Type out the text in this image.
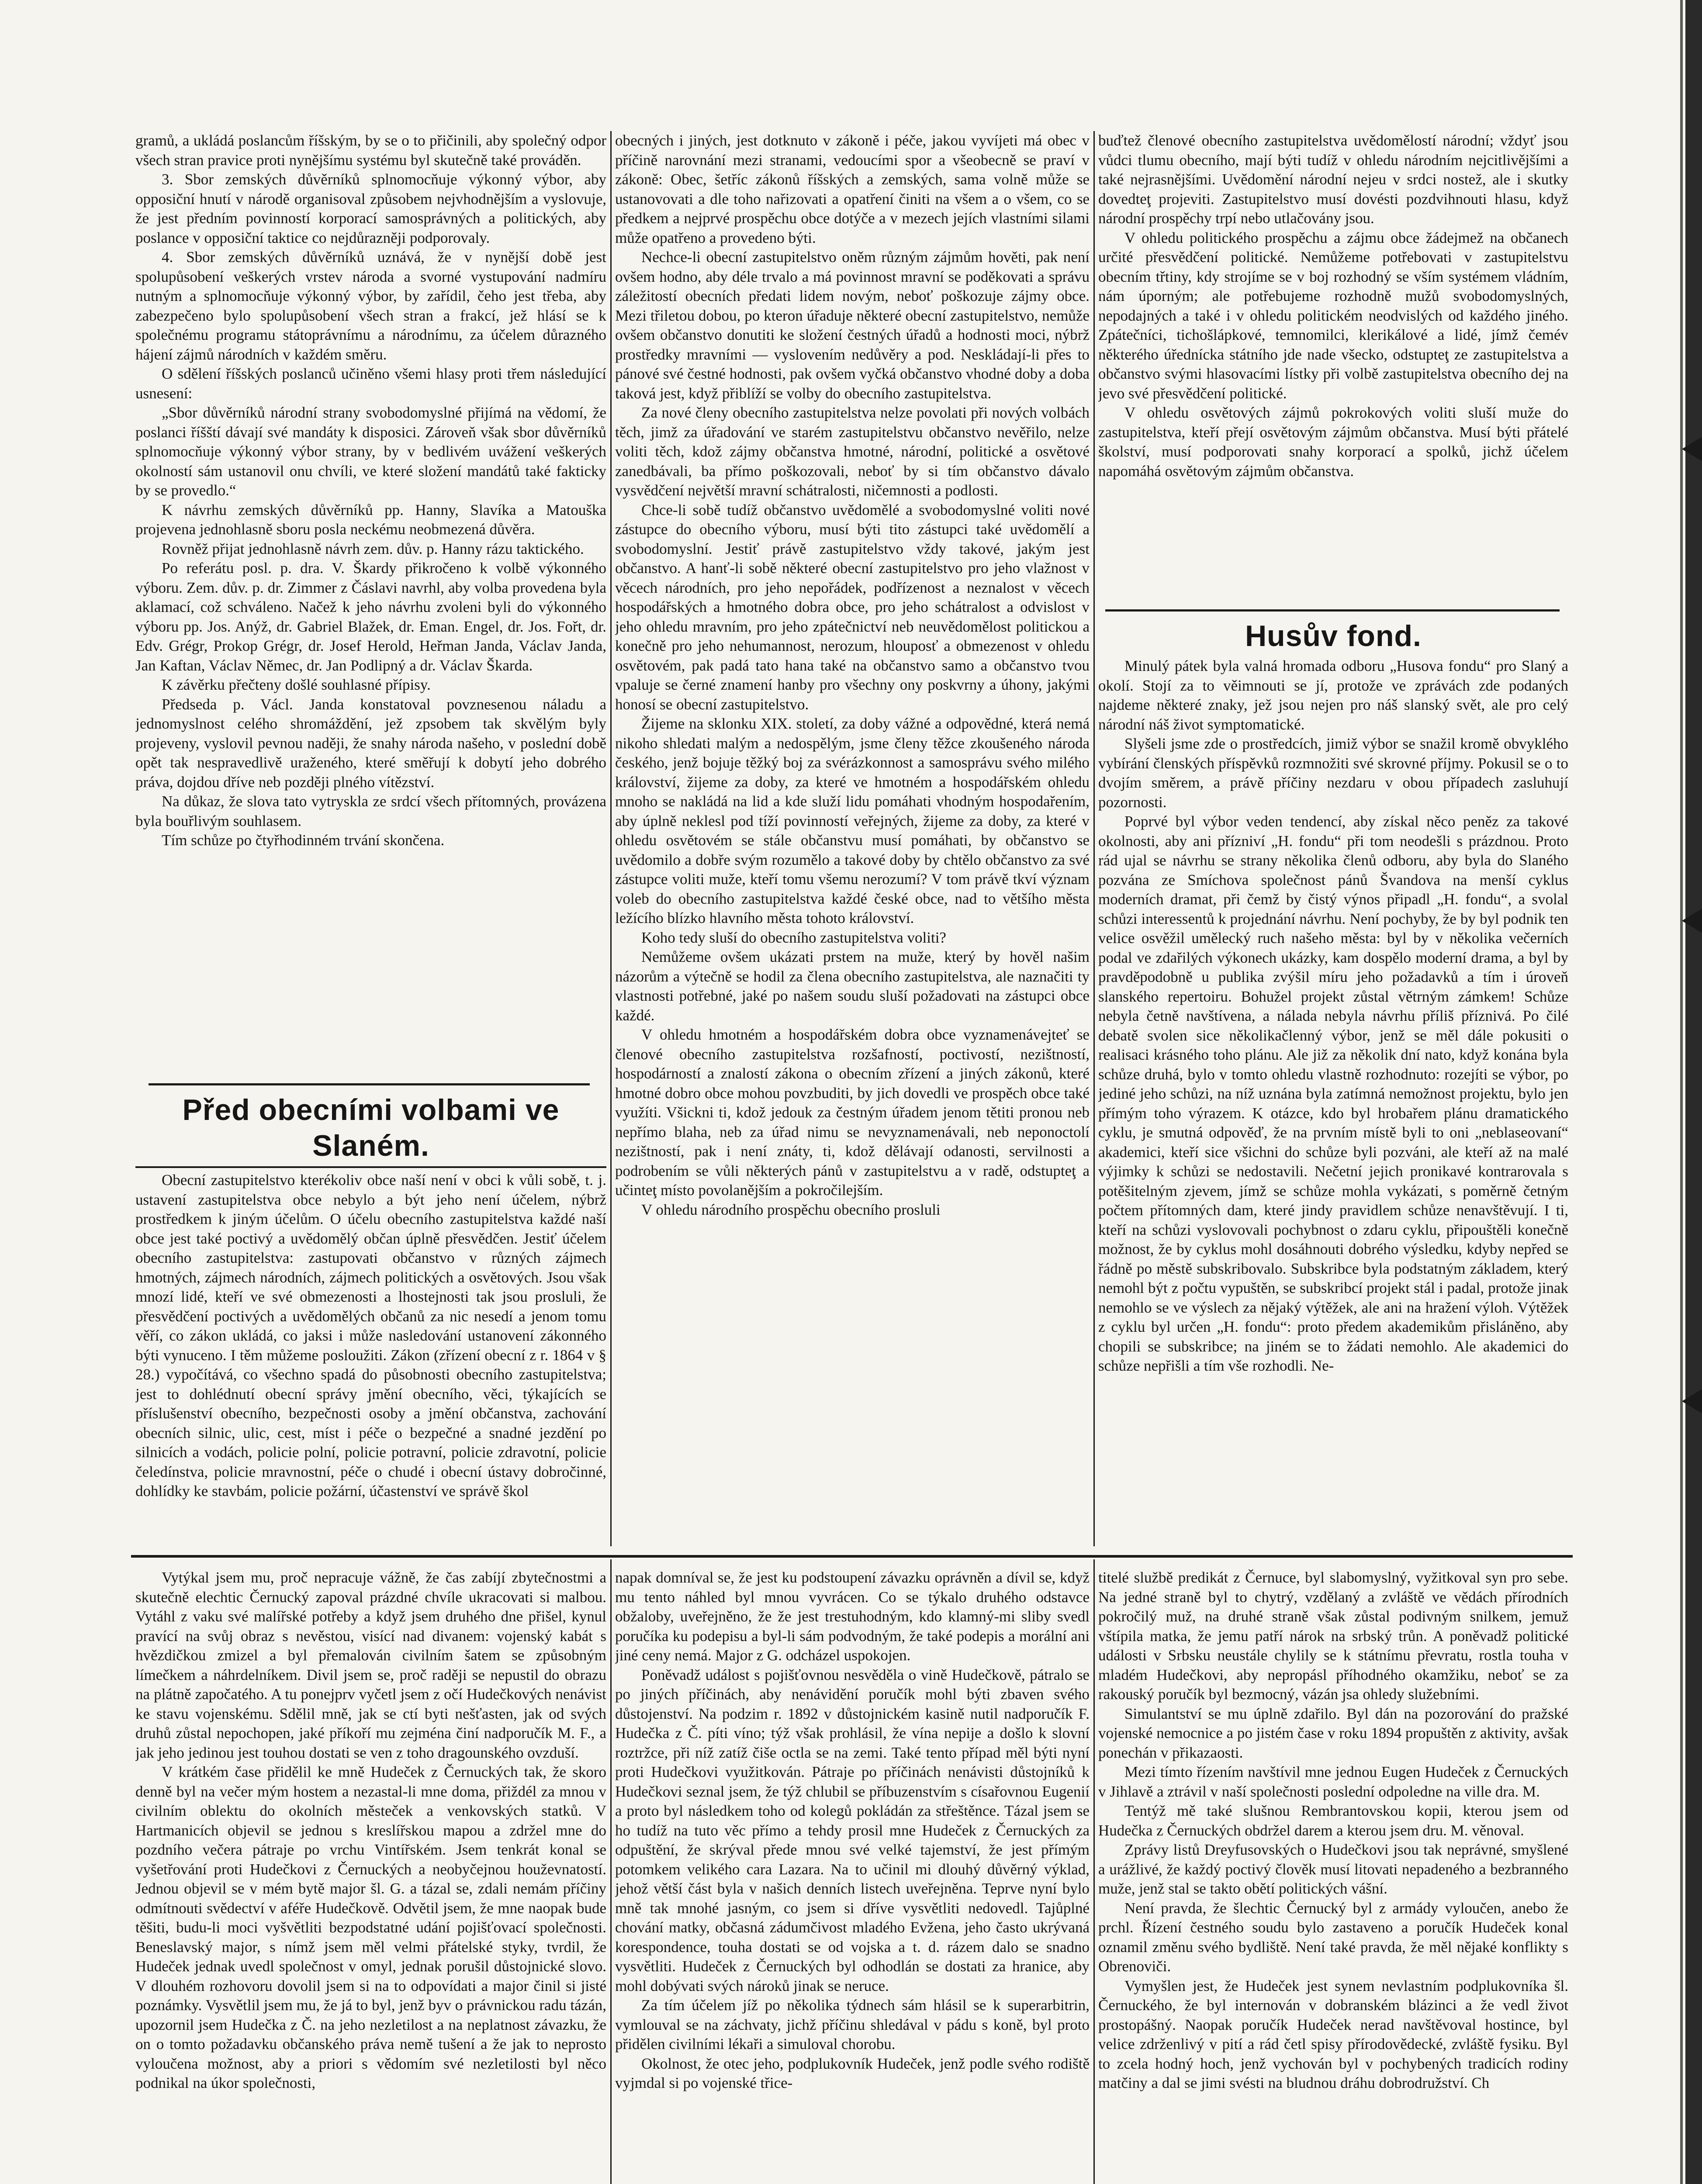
gramů, a ukládá poslancům říšským, by se o to přičinili, aby společný odpor všech stran pravice proti nynějšímu systému byl skutečně také prováděn.

3. Sbor zemských důvěrníků splnomocňuje výkonný výbor, aby opposiční hnutí v národě organisoval způsobem nejvhodnějším a vyslovuje, že jest předním povinností korporací samosprávných a politických, aby poslance v opposiční taktice co nejdůrazněji podporovaly.

4. Sbor zemských důvěrníků uznává, že v nynější době jest spolupůsobení veškerých vrstev národa a svorné vystupování nadmíru nutným a splnomocňuje výkonný výbor, by zařídil, čeho jest třeba, aby zabezpečeno bylo spolupůsobení všech stran a frakcí, jež hlásí se k společnému programu státoprávnímu a národnímu, za účelem důrazného hájení zájmů národních v každém směru.

O sdělení říšských poslanců učiněno všemi hlasy proti třem následující usnesení:

„Sbor důvěrníků národní strany svobodomyslné přijímá na vědomí, že poslanci říšští dávají své mandáty k disposici. Zároveň však sbor důvěrníků splnomocňuje výkonný výbor strany, by v bedlivém uvážení veškerých okolností sám ustanovil onu chvíli, ve které složení mandátů také fakticky by se provedlo.“

K návrhu zemských důvěrníků pp. Hanny, Slavíka a Matouška projevena jednohlasně sboru posla neckému neobmezená důvěra.

Rovněž přijat jednohlasně návrh zem. dův. p. Hanny rázu taktického.

Po referátu posl. p. dra. V. Škardy přikročeno k volbě výkonného výboru. Zem. dův. p. dr. Zimmer z Čáslavi navrhl, aby volba provedena byla aklamací, což schváleno. Načež k jeho návrhu zvoleni byli do výkonného výboru pp. Jos. Anýž, dr. Gabriel Blažek, dr. Eman. Engel, dr. Jos. Fořt, dr. Edv. Grégr, Prokop Grégr, dr. Josef Herold, Heřman Janda, Václav Janda, Jan Kaftan, Václav Němec, dr. Jan Podlipný a dr. Václav Škarda.

K závěrku přečteny došlé souhlasné přípisy.

Předseda p. Václ. Janda konstatoval povznesenou náladu a jednomyslnost celého shromáždění, jež zpsobem tak skvělým byly projeveny, vyslovil pevnou naději, že snahy národa našeho, v poslední době opět tak nespravedlivě uraženého, které směřují k dobytí jeho dobrého práva, dojdou dříve neb později plného vítězství.

Na důkaz, že slova tato vytryskla ze srdcí všech přítomných, provázena byla bouřlivým souhlasem.

Tím schůze po čtyřhodinném trvání skončena.

Před obecními volbami ve Slaném.

Obecní zastupitelstvo kterékoliv obce naší není v obci k vůli sobě, t. j. ustavení zastupitelstva obce nebylo a být jeho není účelem, nýbrž prostředkem k jiným účelům. O účelu obecního zastupitelstva každé naší obce jest také poctivý a uvědomělý občan úplně přesvědčen. Jestiť účelem obecního zastupitelstva: zastupovati občanstvo v různých zájmech hmotných, zájmech národních, zájmech politických a osvětových. Jsou však mnozí lidé, kteří ve své obmezenosti a lhostejnosti tak jsou prosluli, že přesvědčení poctivých a uvědomělých občanů za nic nesedí a jenom tomu věří, co zákon ukládá, co jaksi i může nasledování ustanovení zákonného býti vynuceno. I těm můžeme posloužiti. Zákon (zřízení obecní z r. 1864 v § 28.) vypočítává, co všechno spadá do působnosti obecního zastupitelstva; jest to dohlédnutí obecní správy jmění obecního, věci, týkajících se příslušenství obecního, bezpečnosti osoby a jmění občanstva, zachování obecních silnic, ulic, cest, míst i péče o bezpečné a snadné jezdění po silnicích a vodách, policie polní, policie potravní, policie zdravotní, policie čeledínstva, policie mravnostní, péče o chudé i obecní ústavy dobročinné, dohlídky ke stavbám, policie požární, účastenství ve správě škol

obecných i jiných, jest dotknuto v zákoně i péče, jakou vyvíjeti má obec v příčině narovnání mezi stranami, vedoucími spor a všeobecně se praví v zákoně: Obec, šetříc zákonů říšských a zemských, sama volně může se ustanovovati a dle toho nařizovati a opatření činiti na všem a o všem, co se předkem a nejprvé prospěchu obce dotýče a v mezech jejích vlastními silami může opatřeno a provedeno býti.

Nechce-li obecní zastupitelstvo oněm různým zájmům hověti, pak není ovšem hodno, aby déle trvalo a má povinnost mravní se poděkovati a správu záležitostí obecních předati lidem novým, neboť poškozuje zájmy obce. Mezi třiletou dobou, po kteron úřaduje některé obecní zastupitelstvo, nemůže ovšem občanstvo donutiti ke složení čestných úřadů a hodnosti moci, nýbrž prostředky mravními — vyslovením nedůvěry a pod. Neskládají-li přes to pánové své čestné hodnosti, pak ovšem vyčká občanstvo vhodné doby a doba taková jest, když přiblíží se volby do obecního zastupitelstva.

Za nové členy obecního zastupitelstva nelze povolati při nových volbách těch, jimž za úřadování ve starém zastupitelstvu občanstvo nevěřilo, nelze voliti těch, kdož zájmy občanstva hmotné, národní, politické a osvětové zanedbávali, ba přímo poškozovali, neboť by si tím občanstvo dávalo vysvědčení největší mravní schátralosti, ničemnosti a podlosti.

Chce-li sobě tudíž občanstvo uvědomělé a svobodomyslné voliti nové zástupce do obecního výboru, musí býti tito zástupci také uvědomělí a svobodomyslní. Jestiť právě zastupitelstvo vždy takové, jakým jest občanstvo. A hanť-li sobě některé obecní zastupitelstvo pro jeho vlažnost v věcech národních, pro jeho nepořádek, podřízenost a neznalost v věcech hospodářských a hmotného dobra obce, pro jeho schátralost a odvislost v jeho ohledu mravním, pro jeho zpátečnictví neb neuvědomělost politickou a konečně pro jeho nehumannost, nerozum, hlouposť a obmezenost v ohledu osvětovém, pak padá tato hana také na občanstvo samo a občanstvo tvou vpaluje se černé znamení hanby pro všechny ony poskvrny a úhony, jakými honosí se obecní zastupitelstvo.

Žijeme na sklonku XIX. století, za doby vážné a odpovědné, která nemá nikoho shledati malým a nedospělým, jsme členy těžce zkoušeného národa českého, jenž bojuje těžký boj za svérázkonnost a samosprávu svého milého království, žijeme za doby, za které ve hmotném a hospodářském ohledu mnoho se nakládá na lid a kde služí lidu pomáhati vhodným hospodařením, aby úplně neklesl pod tíží povinností veřejných, žijeme za doby, za které v ohledu osvětovém se stále občanstvu musí pomáhati, by občanstvo se uvědomilo a dobře svým rozumělo a takové doby by chtělo občanstvo za své zástupce voliti muže, kteří tomu všemu nerozumí? V tom právě tkví význam voleb do obecního zastupitelstva každé české obce, nad to většího města ležícího blízko hlavního města tohoto království.

Koho tedy sluší do obecního zastupitelstva voliti?

Nemůžeme ovšem ukázati prstem na muže, který by hověl našim názorům a výtečně se hodil za člena obecního zastupitelstva, ale naznačiti ty vlastnosti potřebné, jaké po našem soudu sluší požadovati na zástupci obce každé.

V ohledu hmotném a hospodářském dobra obce vyznamenávejteť se členové obecního zastupitelstva rozšafností, poctivostí, nezištností, hospodárností a znalostí zákona o obecním zřízení a jiných zákonů, které hmotné dobro obce mohou povzbuditi, by jich dovedli ve prospěch obce také využíti. Všickni ti, kdož jedouk za čestným úřadem jenom tětiti pronou neb nepřímo blaha, neb za úřad nimu se nevyznamenávali, neb neponoctolí nezištností, pak i není znáty, ti, kdož dělávají odanosti, servilnosti a podrobením se vůli některých pánů v zastupitelstvu a v radě, odstupteţ a učinteţ místo povolanějším a pokročilejším.

V ohledu národního prospěchu obecního prosluli

buďtež členové obecního zastupitelstva uvědomělostí národní; vždyť jsou vůdci tlumu obecního, mají býti tudíž v ohledu národním nejcitlivějšími a také nejrasnějšími. Uvědomění národní nejeu v srdci nostež, ale i skutky dovedteţ projeviti. Zastupitelstvo musí dovésti pozdvihnouti hlasu, když národní prospěchy trpí nebo utlačovány jsou.

V ohledu politického prospěchu a zájmu obce žádejmež na občanech určité přesvědčení politické. Nemůžeme potřebovati v zastupitelstvu obecním třtiny, kdy strojíme se v boj rozhodný se vším systémem vládním, nám úporným; ale potřebujeme rozhodně mužů svobodomyslných, nepodajných a také i v ohledu politickém neodvislých od každého jiného. Zpátečníci, tichošlápkové, temnomilci, klerikálové a lidé, jímž čemév některého úřednícka státního jde nade všecko, odstupteţ ze zastupitelstva a občanstvo svými hlasovacími lístky při volbě zastupitelstva obecního dej na jevo své přesvědčení politické.

V ohledu osvětových zájmů pokrokových voliti sluší muže do zastupitelstva, kteří přejí osvětovým zájmům občanstva. Musí býti přátelé školství, musí podporovati snahy korporací a spolků, jichž účelem napomáhá osvětovým zájmům občanstva.

Husův fond.

Minulý pátek byla valná hromada odboru „Husova fondu“ pro Slaný a okolí. Stojí za to věimnouti se jí, protože ve zprávách zde podaných najdeme některé znaky, jež jsou nejen pro náš slanský svět, ale pro celý národní náš život symptomatické.

Slyšeli jsme zde o prostředcích, jimiž výbor se snažil kromě obvyklého vybírání členských příspěvků rozmnožiti své skrovné příjmy. Pokusil se o to dvojím směrem, a právě příčiny nezdaru v obou případech zasluhují pozornosti.

Poprvé byl výbor veden tendencí, aby získal něco peněz za takové okolnosti, aby ani přízniví „H. fondu“ při tom neodešli s prázdnou. Proto rád ujal se návrhu se strany několika členů odboru, aby byla do Slaného pozvána ze Smíchova společnost pánů Švandova na menší cyklus moderních dramat, při čemž by čistý výnos připadl „H. fondu“, a svolal schůzi interessentů k projednání návrhu. Není pochyby, že by byl podnik ten velice osvěžil umělecký ruch našeho města: byl by v několika večerních podal ve zdařilých výkonech ukázky, kam dospělo moderní drama, a byl by pravděpodobně u publika zvýšil míru jeho požadavků a tím i úroveň slanského repertoiru. Bohužel projekt zůstal větrným zámkem! Schůze nebyla četně navštívena, a nálada nebyla návrhu příliš příznivá. Po čilé debatě svolen sice několikačlenný výbor, jenž se měl dále pokusiti o realisaci krásného toho plánu. Ale již za několik dní nato, když konána byla schůze druhá, bylo v tomto ohledu vlastně rozhodnuto: rozejíti se výbor, po jediné jeho schůzi, na níž uznána byla zatímná nemožnost projektu, bylo jen přímým toho výrazem. K otázce, kdo byl hrobařem plánu dramatického cyklu, je smutná odpověď, že na prvním místě byli to oni „neblaseovaní“ akademici, kteří sice všichni do schůze byli pozváni, ale kteří až na malé výjimky k schůzi se nedostavili. Nečetní jejich pronikavé kontrarovala s potěšitelným zjevem, jímž se schůze mohla vykázati, s poměrně četným počtem přítomných dam, které jindy pravidlem schůze nenavštěvují. I ti, kteří na schůzi vyslovovali pochybnost o zdaru cyklu, připouštěli konečně možnost, že by cyklus mohl dosáhnouti dobrého výsledku, kdyby nepřed se řádně po městě subskribovalo. Subskribce byla podstatným základem, který nemohl být z počtu vypuštěn, se subskribcí projekt stál i padal, protože jinak nemohlo se ve výslech za nějaký výtěžek, ale ani na hražení výloh. Výtěžek z cyklu byl určen „H. fondu“: proto předem akademikům přisláněno, aby chopili se subskribce; na jiném se to žádati nemohlo. Ale akademici do schůze nepřišli a tím vše rozhodli. Ne-

Vytýkal jsem mu, proč nepracuje vážně, že čas zabíjí zbytečnostmi a skutečně elechtic Černucký zapoval prázdné chvíle ukracovati si malbou. Vytáhl z vaku své malířské potřeby a když jsem druhého dne přišel, kynul pravící na svůj obraz s nevěstou, visící nad divanem: vojenský kabát s hvězdičkou zmizel a byl přemalován civilním šatem se způsobným límečkem a náhrdelníkem. Divil jsem se, proč raději se nepustil do obrazu na plátně započatého. A tu ponejprv vyčetl jsem z očí Hudečkových nenávist ke stavu vojenskému. Sdělil mně, jak se ctí byti nešťasten, jak od svých druhů zůstal nepochopen, jaké příkoří mu zejména činí nadporučík M. F., a jak jeho jedinou jest touhou dostati se ven z toho dragounského ovzduší.

V krátkém čase přidělil ke mně Hudeček z Černuckých tak, že skoro denně byl na večer mým hostem a nezastal-li mne doma, přiždél za mnou v civilním oblektu do okolních městeček a venkovských statků. V Hartmanicích objevil se jednou s kreslířskou mapou a zdržel mne do pozdního večera pátraje po vrchu Vintířském. Jsem tenkrát konal se vyšetřování proti Hudečkovi z Černuckých a neobyčejnou houževnatostí. Jednou objevil se v mém bytě major šl. G. a tázal se, zdali nemám příčiny odmítnouti svědectví v aféře Hudečkově. Odvětil jsem, že mne naopak bude těšiti, budu-li moci vyšvětliti bezpodstatné udání pojišťovací společnosti. Beneslavský major, s nímž jsem měl velmi přátelské styky, tvrdil, že Hudeček jednak uvedl společnost v omyl, jednak porušil důstojnické slovo. V dlouhém rozhovoru dovolil jsem si na to odpovídati a major činil si jisté poznámky. Vysvětlil jsem mu, že já to byl, jenž byv o právnickou radu tázán, upozornil jsem Hudečka z Č. na jeho nezletilost a na neplatnost závazku, že on o tomto požadavku občanského práva nemě tušení a že jak to neprosto vyloučena možnost, aby a priori s vědomím své nezletilosti byl něco podnikal na úkor společnosti,

napak domníval se, že jest ku podstoupení závazku oprávněn a dívil se, když mu tento náhled byl mnou vyvrácen. Co se týkalo druhého odstavce obžaloby, uveřejněno, že že jest trestuhodným, kdo klamný-mi sliby svedl poručíka ku podepisu a byl-li sám podvodným, že také podepis a morální ani jiné ceny nemá. Major z G. odcházel uspokojen.

Poněvadž událost s pojišťovnou nesvěděla o vině Hudečkově, pátralo se po jiných příčinách, aby nenávidění poručík mohl býti zbaven svého důstojenství. Na podzim r. 1892 v důstojnickém kasině nutil nadporučík F. Hudečka z Č. píti víno; týž však prohlásil, že vína nepije a došlo k slovní roztržce, při níž zatíž čiše octla se na zemi. Také tento případ měl býti nyní proti Hudečkovi využitkován. Pátraje po příčinách nenávisti důstojníků k Hudečkovi seznal jsem, že týž chlubil se příbuzenstvím s císařovnou Eugenií a proto byl následkem toho od kolegů pokládán za střeštěnce. Tázal jsem se ho tudíž na tuto věc přímo a tehdy prosil mne Hudeček z Černuckých za odpuštění, že skrýval přede mnou své velké tajemství, že jest přímým potomkem velikého cara Lazara. Na to učinil mi dlouhý důvěrný výklad, jehož větší část byla v našich denních listech uveřejněna. Teprve nyní bylo mně tak mnohé jasným, co jsem si dříve vysvětliti nedovedl. Tajůplné chování matky, občasná zádumčivost mladého Evžena, jeho často ukrývaná korespondence, touha dostati se od vojska a t. d. rázem dalo se snadno vysvětliti. Hudeček z Černuckých byl odhodlán se dostati za hranice, aby mohl dobývati svých nároků jinak se neruce.

Za tím účelem jíž po několika týdnech sám hlásil se k superarbitrin, vymlouval se na záchvaty, jichž příčinu shledával v pádu s koně, byl proto přidělen civilními lékaři a simuloval chorobu.

Okolnost, že otec jeho, podplukovník Hudeček, jenž podle svého rodiště vyjmdal si po vojenské třice-

titelé službě predikát z Černuce, byl slabomyslný, vyžitkoval syn pro sebe. Na jedné straně byl to chytrý, vzdělaný a zvláště ve vědách přírodních pokročilý muž, na druhé straně však zůstal podivným snilkem, jemuž vštípila matka, že jemu patří nárok na srbský trůn. A poněvadž politické události v Srbsku neustále chylily se k státnímu převratu, rostla touha v mladém Hudečkovi, aby nepropásl příhodného okamžiku, neboť se za rakouský poručík byl bezmocný, vázán jsa ohledy služebními.

Simulantství se mu úplně zdařilo. Byl dán na pozorování do pražské vojenské nemocnice a po jistém čase v roku 1894 propuštěn z aktivity, avšak ponechán v přikazaosti.

Mezi tímto řízením navštívil mne jednou Eugen Hudeček z Černuckých v Jihlavě a ztrávil v naší společnosti poslední odpoledne na ville dra. M.

Tentýž mě také slušnou Rembrantovskou kopii, kterou jsem od Hudečka z Černuckých obdržel darem a kterou jsem dru. M. věnoval.

Zprávy listů Dreyfusovských o Hudečkovi jsou tak neprávné, smyšlené a urážlivé, že každý poctivý člověk musí litovati nepadeného a bezbranného muže, jenž stal se takto obětí politických vášní.

Není pravda, že šlechtic Černucký byl z armády vyloučen, anebo že prchl. Řízení čestného soudu bylo zastaveno a poručík Hudeček konal oznamil změnu svého bydliště. Není také pravda, že měl nějaké konflikty s Obrenoviči.

Vymyšlen jest, že Hudeček jest synem nevlastním podplukovníka šl. Černuckého, že byl internován v dobranském blázinci a že vedl život prostopášný. Naopak poručík Hudeček nerad navštěvoval hostince, byl velice zdrženlivý v pití a rád četl spisy přírodovědecké, zvláště fysiku. Byl to zcela hodný hoch, jenž vychován byl v pochybených tradicích rodiny matčiny a dal se jimi svésti na bludnou dráhu dobrodružství. Ch
